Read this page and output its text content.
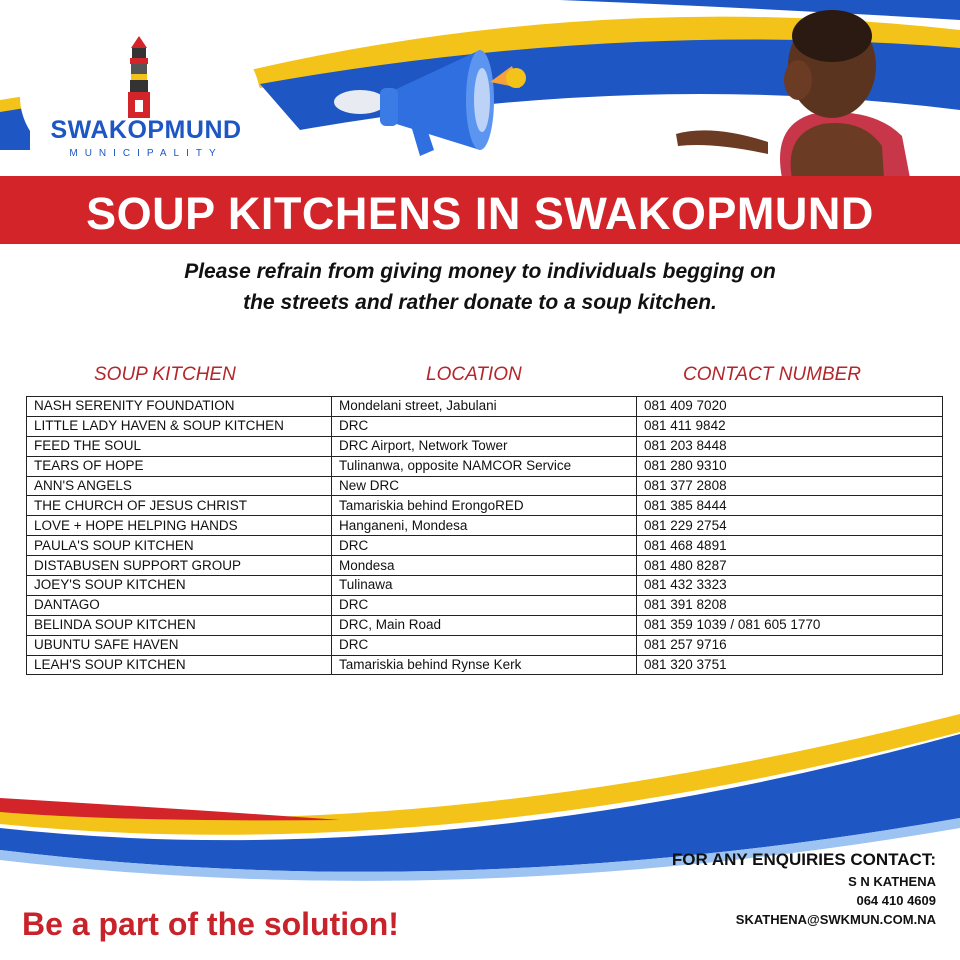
SWAKOPMUND
MUNICIPALITY
SOUP KITCHENS IN SWAKOPMUND
Please refrain from giving money to individuals begging on
the streets and rather donate to a soup kitchen.
SOUP KITCHEN	LOCATION	CONTACT NUMBER
NASH SERENITY FOUNDATION	Mondelani street, Jabulani	081 409 7020
LITTLE LADY HAVEN & SOUP KITCHEN	DRC	081 411 9842
FEED THE SOUL	DRC Airport, Network Tower	081 203 8448
TEARS OF HOPE	Tulinanwa, opposite NAMCOR Service	081 280 9310
ANN'S ANGELS	New DRC	081 377 2808
THE CHURCH OF JESUS CHRIST	Tamariskia behind ErongoRED	081 385 8444
LOVE + HOPE HELPING HANDS	Hanganeni, Mondesa	081 229 2754
PAULA'S SOUP KITCHEN	DRC	081 468 4891
DISTABUSEN SUPPORT GROUP	Mondesa	081 480 8287
JOEY'S SOUP KITCHEN	Tulinawa	081 432 3323
DANTAGO	DRC	081 391 8208
BELINDA SOUP KITCHEN	DRC, Main Road	081 359 1039 / 081 605 1770
UBUNTU SAFE HAVEN	DRC	081 257 9716
LEAH'S SOUP KITCHEN	Tamariskia behind Rynse Kerk	081 320 3751
FOR ANY ENQUIRIES CONTACT:
S N KATHENA
064 410 4609
SKATHENA@SWKMUN.COM.NA
Be a part of the solution!
